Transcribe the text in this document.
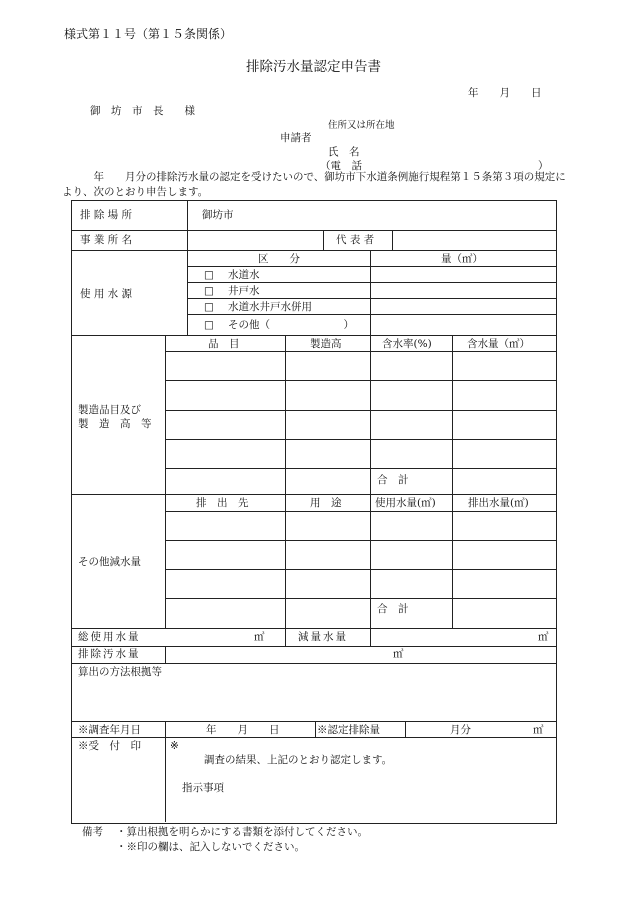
様式第１１号（第１５条関係）
排除汚水量認定申告書
年　　月　　日
御　坊　市　長　　様
住所又は所在地
申請者
氏　名
（電　話	）
　　　年　　月分の排除汚水量の認定を受けたいので、御坊市下水道条例施行規程第１５条第３項の規定により、次のとおり申告します。
排 除 場 所	御坊市
事 業 所 名	代 表 者
使 用 水 源
区　　分	量（㎥）
□ 水道水
□ 井戸水
□ 水道水井戸水併用
□ その他（　　　　　　　）
製造品目及び
製　造　高　等
品　目	製造高	含水率(%)	含水量（㎥）
合　計
その他減水量
排　出　先	用　途	使用水量(㎥)	排出水量(㎥)
合　計
総使用水量	㎥	減量水量	㎥
排除汚水量	㎥
算出の方法根拠等
※調査年月日	年　　月　　日	※認定排除量	月分	㎥
※受　付　印	※
調査の結果、上記のとおり認定します。
指示事項
備考 ・算出根拠を明らかにする書類を添付してください。
・※印の欄は、記入しないでください。
